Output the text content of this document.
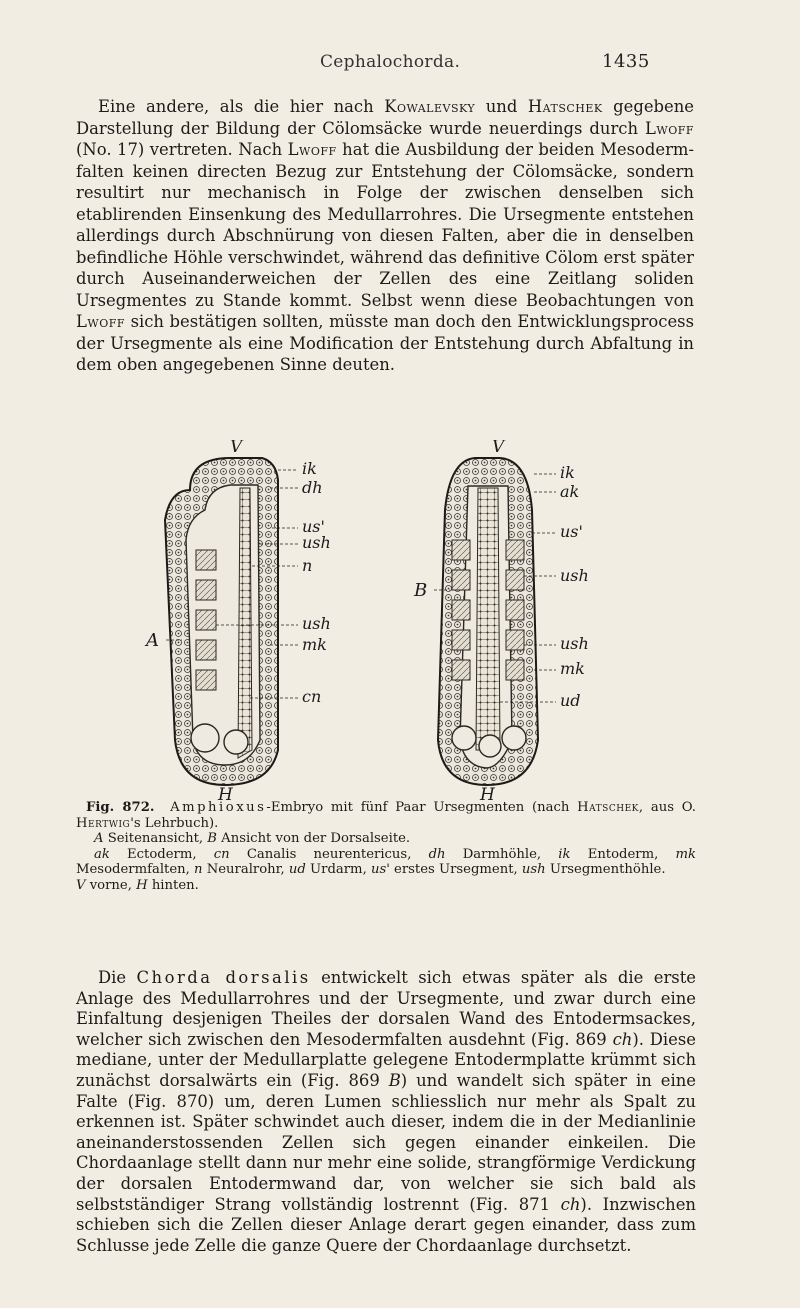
Cephalochorda.	1435

Eine andere, als die hier nach Kowalevsky und Hatschek gegebene Darstellung der Bildung der Cölomsäcke wurde neuerdings durch Lwoff (No. 17) vertreten. Nach Lwoff hat die Ausbildung der beiden Mesoderm-falten keinen directen Bezug zur Entstehung der Cölomsäcke, sondern resultirt nur mechanisch in Folge der zwischen denselben sich etablirenden Einsenkung des Medullarrohres. Die Ursegmente entstehen allerdings durch Abschnürung von diesen Falten, aber die in denselben befindliche Höhle verschwindet, während das definitive Cölom erst später durch Auseinanderweichen der Zellen des eine Zeitlang soliden Ursegmentes zu Stande kommt. Selbst wenn diese Beobachtungen von Lwoff sich bestätigen sollten, müsste man doch den Entwicklungsprocess der Ursegmente als eine Modification der Entstehung durch Abfaltung in dem oben angegebenen Sinne deuten.

V
H
A
ik
dh
us'
ush
n
ush
mk
cn
V
H
B
ik
ak
us'
ush
ush
mk
ud
Fig. 872. Amphioxus-Embryo mit fünf Paar Ursegmenten (nach Hatschek, aus O. Hertwig's Lehrbuch).
A Seitenansicht, B Ansicht von der Dorsalseite.
ak Ectoderm, cn Canalis neurentericus, dh Darmhöhle, ik Entoderm, mk Mesodermfalten, n Neuralrohr, ud Urdarm, us' erstes Ursegment, ush Ursegmenthöhle.
V vorne, H hinten.

Die Chorda dorsalis entwickelt sich etwas später als die erste Anlage des Medullarrohres und der Ursegmente, und zwar durch eine Einfaltung desjenigen Theiles der dorsalen Wand des Entodermsackes, welcher sich zwischen den Mesodermfalten ausdehnt (Fig. 869 ch). Diese mediane, unter der Medullarplatte gelegene Entodermplatte krümmt sich zunächst dorsalwärts ein (Fig. 869 B) und wandelt sich später in eine Falte (Fig. 870) um, deren Lumen schliesslich nur mehr als Spalt zu erkennen ist. Später schwindet auch dieser, indem die in der Medianlinie aneinanderstossenden Zellen sich gegen einander einkeilen. Die Chordaanlage stellt dann nur mehr eine solide, strangförmige Verdickung der dorsalen Entodermwand dar, von welcher sie sich bald als selbstständiger Strang vollständig lostrennt (Fig. 871 ch). Inzwischen schieben sich die Zellen dieser Anlage derart gegen einander, dass zum Schlusse jede Zelle die ganze Quere der Chordaanlage durchsetzt.
